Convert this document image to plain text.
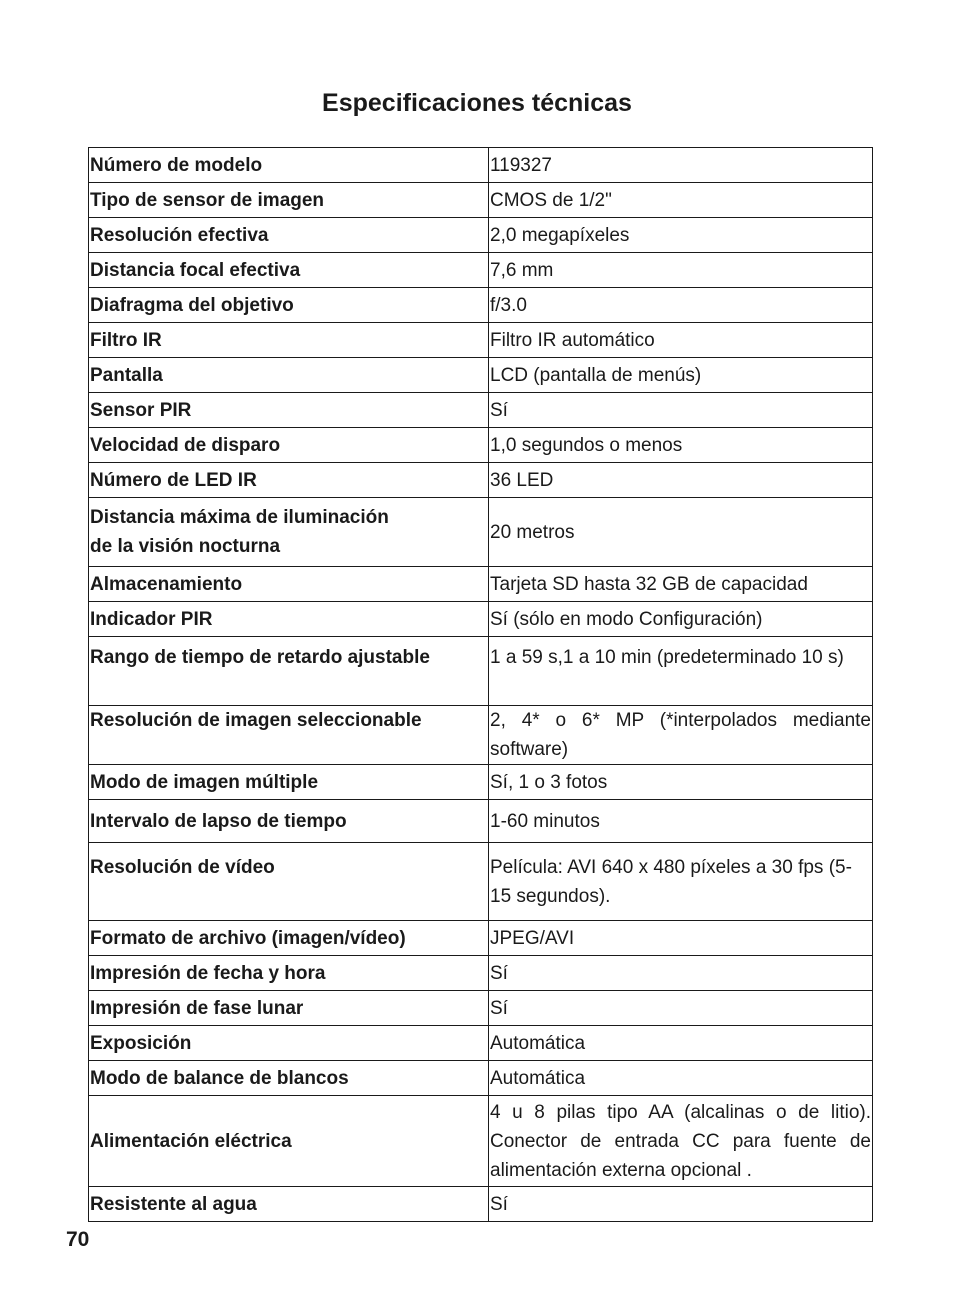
Especificaciones técnicas
Número de modelo	119327
Tipo de sensor de imagen	CMOS de 1/2"
Resolución efectiva	2,0 megapíxeles
Distancia focal efectiva	7,6 mm
Diafragma del objetivo	f/3.0
Filtro IR	Filtro IR automático
Pantalla	LCD (pantalla de menús)
Sensor PIR	Sí
Velocidad de disparo	1,0 segundos o menos
Número de LED IR	36 LED
Distancia máxima de iluminación
de la visión nocturna	20 metros
Almacenamiento	Tarjeta SD hasta 32 GB de capacidad
Indicador PIR	Sí (sólo en modo Configuración)
Rango de tiempo de retardo ajustable	1 a 59 s,1 a 10 min (predeterminado 10 s)
Resolución de imagen seleccionable	2, 4* o 6* MP (*interpolados mediante software)
Modo de imagen múltiple	Sí, 1 o 3 fotos
Intervalo de lapso de tiempo	1-60 minutos
Resolución de vídeo	Película: AVI 640 x 480 píxeles a 30 fps (5-15 segundos).
Formato de archivo (imagen/vídeo)	JPEG/AVI
Impresión de fecha y hora	Sí
Impresión de fase lunar	Sí
Exposición	Automática
Modo de balance de blancos	Automática
Alimentación eléctrica	4 u 8 pilas tipo AA (alcalinas o de litio). Conector de entrada CC para fuente de alimentación externa opcional .
Resistente al agua	Sí

70
